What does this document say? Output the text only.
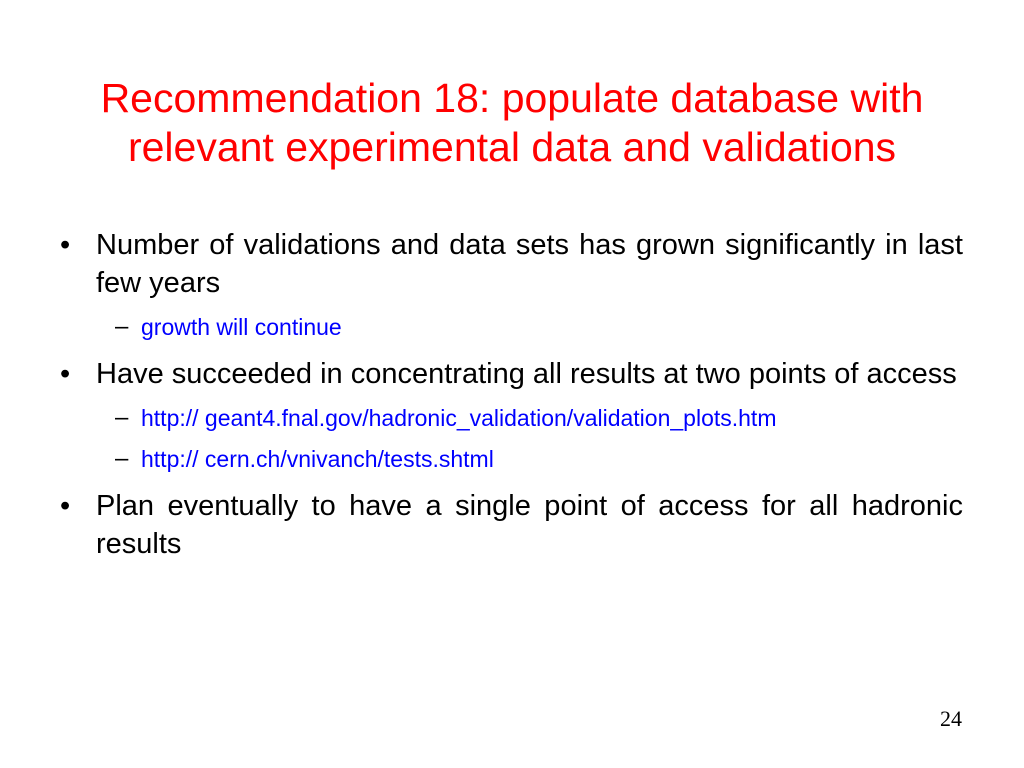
Recommendation 18: populate database with
relevant experimental data and validations
• Number of validations and data sets has grown significantly in last few years
– growth will continue
• Have succeeded in concentrating all results at two points of access
– http:// geant4.fnal.gov/hadronic_validation/validation_plots.htm
– http:// cern.ch/vnivanch/tests.shtml
• Plan eventually to have a single point of access for all hadronic results
24
